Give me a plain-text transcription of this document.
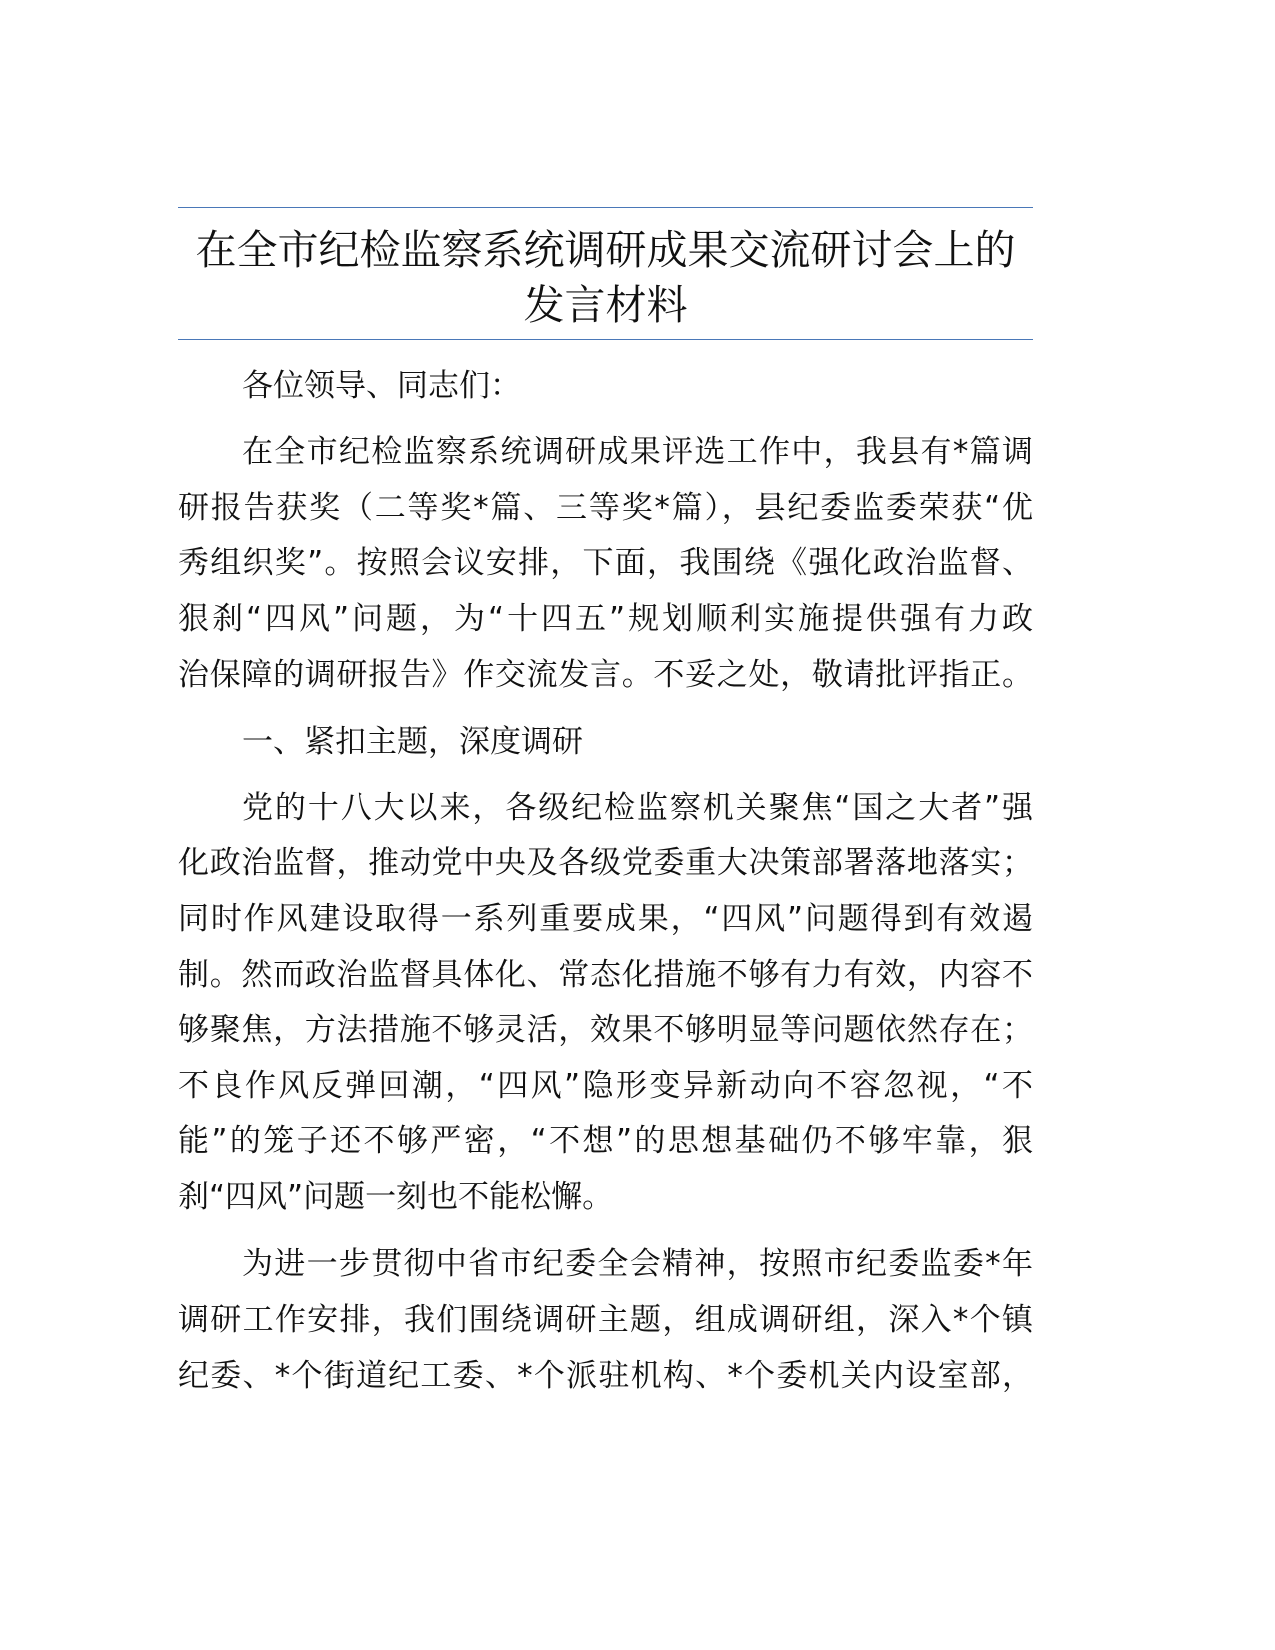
在全市纪检监察系统调研成果交流研讨会上的
发言材料
各位领导、同志们：
在全市纪检监察系统调研成果评选工作中，我县有*篇调
研报告获奖（二等奖*篇、三等奖*篇），县纪委监委荣获“优
秀组织奖”。按照会议安排，下面，我围绕《强化政治监督、
狠刹“四风”问题，为“十四五”规划顺利实施提供强有力政
治保障的调研报告》作交流发言。不妥之处，敬请批评指正。
一、紧扣主题，深度调研
党的十八大以来，各级纪检监察机关聚焦“国之大者”强
化政治监督，推动党中央及各级党委重大决策部署落地落实；
同时作风建设取得一系列重要成果，“四风”问题得到有效遏
制。然而政治监督具体化、常态化措施不够有力有效，内容不
够聚焦，方法措施不够灵活，效果不够明显等问题依然存在；
不良作风反弹回潮，“四风”隐形变异新动向不容忽视，“不
能”的笼子还不够严密，“不想”的思想基础仍不够牢靠，狠
刹“四风”问题一刻也不能松懈。
为进一步贯彻中省市纪委全会精神，按照市纪委监委*年
调研工作安排，我们围绕调研主题，组成调研组，深入*个镇
纪委、*个街道纪工委、*个派驻机构、*个委机关内设室部，
